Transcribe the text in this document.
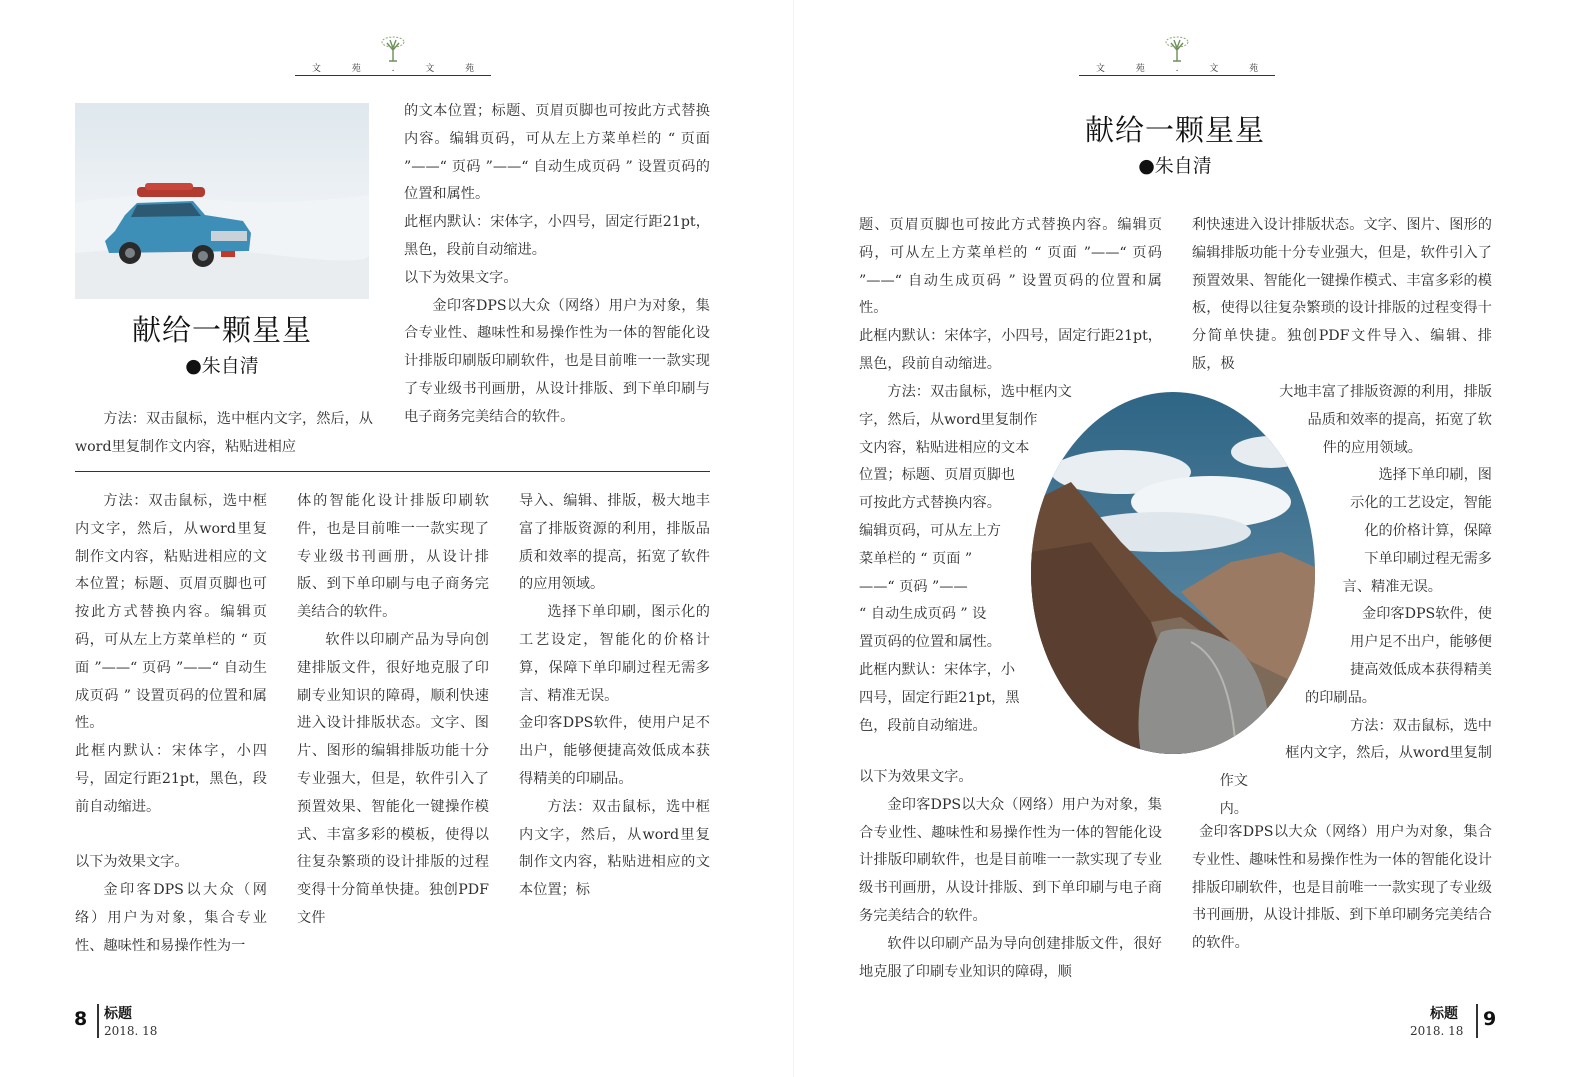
文 苑 . 文 苑
献给一颗星星
●朱自清

方法：双击鼠标，选中框内文字，然后，从word里复制作文内容，粘贴进相应

的文本位置；标题、页眉页脚也可按此方式替换内容。编辑页码，可从左上方菜单栏的 “ 页面 ”——“ 页码 ”——“ 自动生成页码 ” 设置页码的位置和属性。

此框内默认：宋体字，小四号，固定行距21pt，黑色，段前自动缩进。

以下为效果文字。

金印客DPS以大众（网络）用户为对象，集合专业性、趣味性和易操作性为一体的智能化设计排版印刷版印刷软件，也是目前唯一一款实现了专业级书刊画册，从设计排版、到下单印刷与电子商务完美结合的软件。

方法：双击鼠标，选中框内文字，然后，从word里复制作文内容，粘贴进相应的文本位置；标题、页眉页脚也可按此方式替换内容。编辑页码，可从左上方菜单栏的 “ 页面 ”——“ 页码 ”——“ 自动生成页码 ” 设置页码的位置和属性。

此框内默认：宋体字，小四号，固定行距21pt，黑色，段前自动缩进。

以下为效果文字。

金印客DPS以大众（网络）用户为对象，集合专业性、趣味性和易操作性为一

体的智能化设计排版印刷软件，也是目前唯一一款实现了专业级书刊画册，从设计排版、到下单印刷与电子商务完美结合的软件。

软件以印刷产品为导向创建排版文件，很好地克服了印刷专业知识的障碍，顺利快速进入设计排版状态。文字、图片、图形的编辑排版功能十分专业强大，但是，软件引入了预置效果、智能化一键操作模式、丰富多彩的模板，使得以往复杂繁琐的设计排版的过程变得十分简单快捷。独创PDF文件

导入、编辑、排版，极大地丰富了排版资源的利用，排版品质和效率的提高，拓宽了软件的应用领域。

选择下单印刷，图示化的工艺设定，智能化的价格计算，保障下单印刷过程无需多言、精准无误。

金印客DPS软件，使用户足不出户，能够便捷高效低成本获得精美的印刷品。

方法：双击鼠标，选中框内文字，然后，从word里复制作文内容，粘贴进相应的文本位置；标

8 标题
2018. 18
文 苑 . 文 苑
献给一颗星星
●朱自清

题、页眉页脚也可按此方式替换内容。编辑页码，可从左上方菜单栏的 “ 页面 ”——“ 页码 ”——“ 自动生成页码 ” 设置页码的位置和属性。

此框内默认：宋体字，小四号，固定行距21pt，黑色，段前自动缩进。

　　方法：双击鼠标，选中框内文
字，然后，从word里复制作
文内容，粘贴进相应的文本
位置；标题、页眉页脚也
可按此方式替换内容。
编辑页码，可从左上方
菜单栏的 “ 页面 ”
——“ 页码 ”——
“ 自动生成页码 ” 设
置页码的位置和属性。
此框内默认：宋体字，小
四号，固定行距21pt，黑
色，段前自动缩进。

以下为效果文字。

金印客DPS以大众（网络）用户为对象，集合专业性、趣味性和易操作性为一体的智能化设计排版印刷软件，也是目前唯一一款实现了专业级书刊画册，从设计排版、到下单印刷与电子商务完美结合的软件。

软件以印刷产品为导向创建排版文件，很好地克服了印刷专业知识的障碍，顺

利快速进入设计排版状态。文字、图片、图形的编辑排版功能十分专业强大，但是，软件引入了预置效果、智能化一键操作模式、丰富多彩的模板，使得以往复杂繁琐的设计排版的过程变得十分简单快捷。独创PDF文件导入、编辑、排版，极

大地丰富了排版资源的利用，排版
品质和效率的提高，拓宽了软
件的应用领域。
选择下单印刷，图
示化的工艺设定，智能
化的价格计算，保障
下单印刷过程无需多
言、精准无误。
金印客DPS软件，使
用户足不出户，能够便
捷高效低成本获得精美
的印刷品。
方法：双击鼠标，选中
框内文字，然后，从word里复制
作文内。

金印客DPS以大众（网络）用户为对象，集合专业性、趣味性和易操作性为一体的智能化设计排版印刷软件，也是目前唯一一款实现了专业级书刊画册，从设计排版、到下单印刷务完美结合的软件。

9
标题
2018. 18
